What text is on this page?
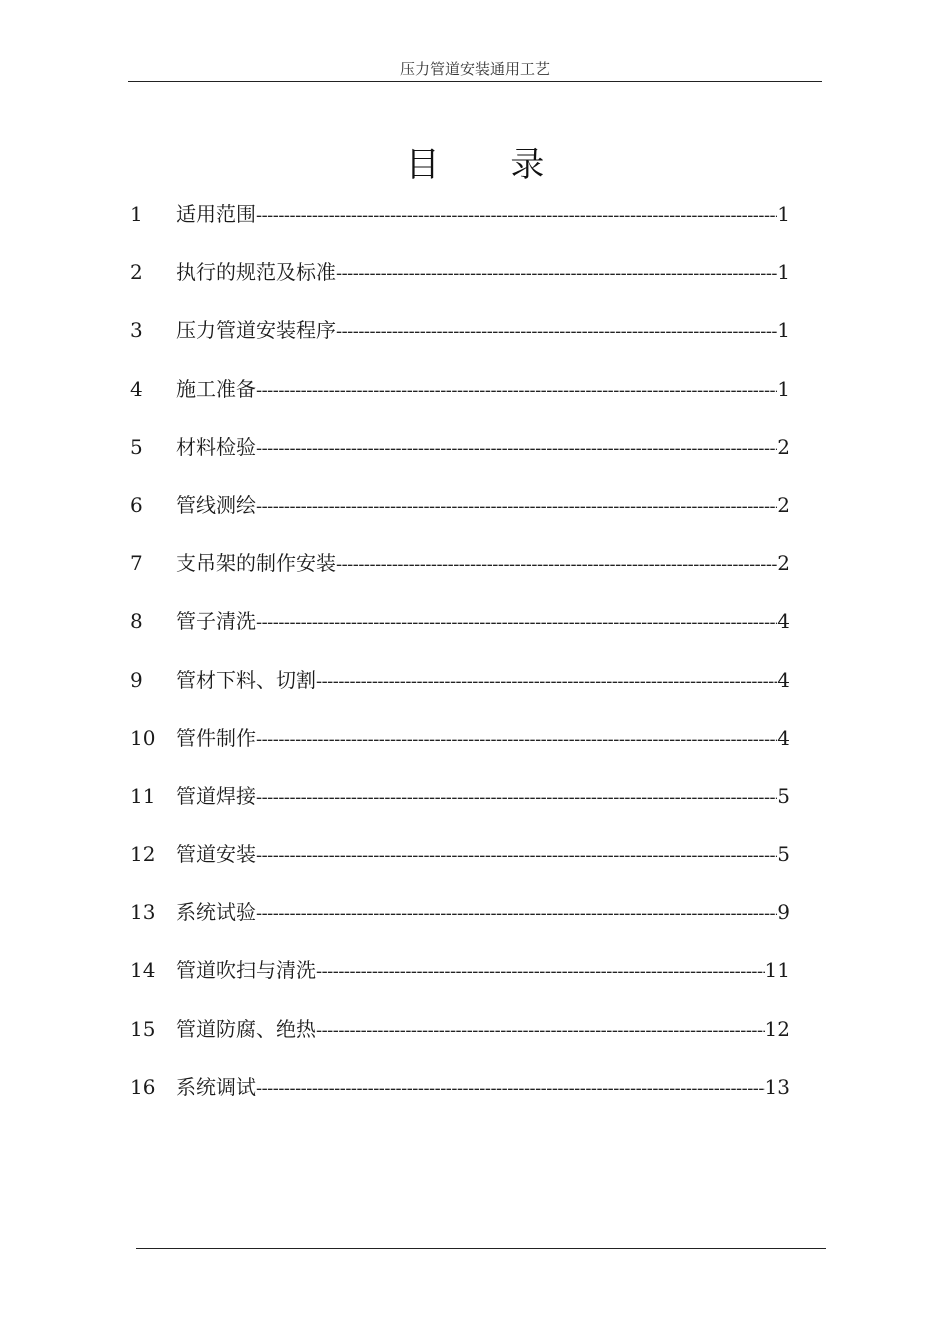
压力管道安装通用工艺
目 录
1	适用范围 -----	1
2	执行的规范及标准 -----	1
3	压力管道安装程序 -----	1
4	施工准备 -----	1
5	材料检验 -----	2
6	管线测绘 -----	2
7	支吊架的制作安装 -----	2
8	管子清洗 -----	4
9	管材下料、切割 -----	4
10	管件制作 -----	4
11	管道焊接 -----	5
12	管道安装 -----	5
13	系统试验 -----	9
14	管道吹扫与清洗 -----	11
15	管道防腐、绝热 -----	12
16	系统调试 -----	13
